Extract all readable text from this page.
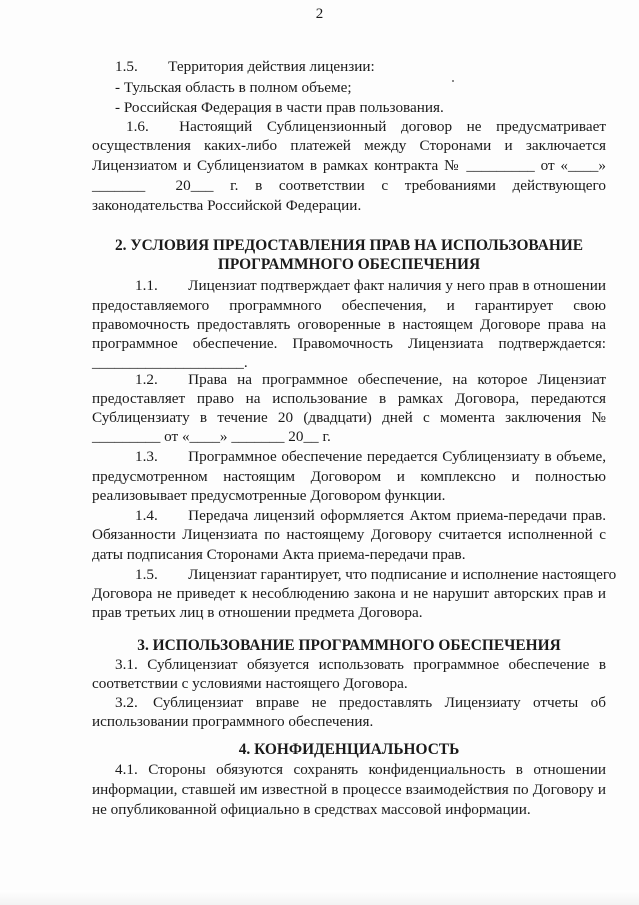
2
1.5.  Территория действия лицензии:
- Тульская область в полном объеме;
- Российская Федерация в части прав пользования.
1.6.  Настоящий Сублицензионный договор не предусматривает
осуществления каких-либо платежей между Сторонами и заключается
Лицензиатом и Сублицензиатом в рамках контракта № _________ от «____»
_______  20___ г. в соответствии с требованиями действующего
законодательства Российской Федерации.
2. УСЛОВИЯ ПРЕДОСТАВЛЕНИЯ ПРАВ НА ИСПОЛЬЗОВАНИЕ
ПРОГРАММНОГО ОБЕСПЕЧЕНИЯ
1.1.  Лицензиат подтверждает факт наличия у него прав в отношении
предоставляемого программного обеспечения, и гарантирует свою
правомочность предоставлять оговоренные в настоящем Договоре права на
программное обеспечение. Правомочность Лицензиата подтверждается:
____________________.
1.2.  Права на программное обеспечение, на которое Лицензиат
предоставляет право на использование в рамках Договора, передаются
Сублицензиату в течение 20 (двадцати) дней с момента заключения №
_________ от «____» _______ 20__ г.
1.3.  Программное обеспечение передается Сублицензиату в объеме,
предусмотренном настоящим Договором и комплексно и полностью
реализовывает предусмотренные Договором функции.
1.4.  Передача лицензий оформляется Актом приема-передачи прав.
Обязанности Лицензиата по настоящему Договору считается исполненной с
даты подписания Сторонами Акта приема-передачи прав.
1.5.  Лицензиат гарантирует, что подписание и исполнение настоящего
Договора не приведет к несоблюдению закона и не нарушит авторских прав и
прав третьих лиц в отношении предмета Договора.
3. ИСПОЛЬЗОВАНИЕ ПРОГРАММНОГО ОБЕСПЕЧЕНИЯ
3.1. Сублицензиат обязуется использовать программное обеспечение в
соответствии с условиями настоящего Договора.
3.2. Сублицензиат вправе не предоставлять Лицензиату отчеты об
использовании программного обеспечения.
4. КОНФИДЕНЦИАЛЬНОСТЬ
4.1. Стороны обязуются сохранять конфиденциальность в отношении
информации, ставшей им известной в процессе взаимодействия по Договору и
не опубликованной официально в средствах массовой информации.
